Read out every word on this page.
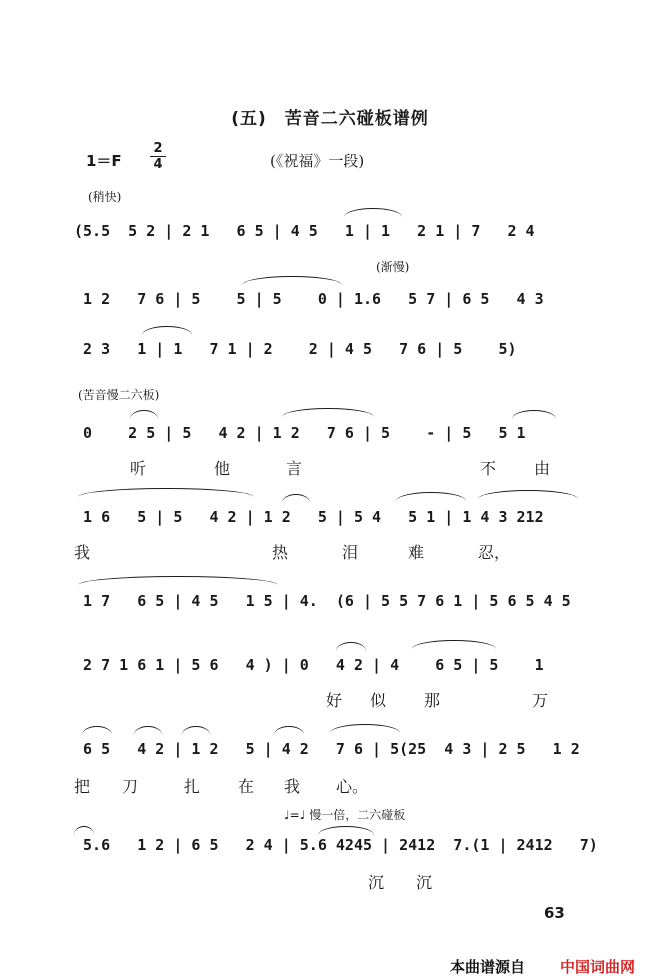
(五)　苦音二六碰板谱例
1＝F
2
4	(《祝福》一段)
(稍快)
(5.5  5 2 | 2 1   6 5 | 4 5   1 | 1   2 1 | 7   2 4
(渐慢)
1 2   7 6 | 5    5 | 5    0 | 1.6   5 7 | 6 5   4 3
2 3   1 | 1   7 1 | 2    2 | 4 5   7 6 | 5    5)
(苦音慢二六板)
0    2 5 | 5   4 2 | 1 2   7 6 | 5    - | 5   5 1
听	他	言	不 由
1 6   5 | 5   4 2 | 1 2   5 | 5 4   5 1 | 1 4 3 212
我	热	泪	难	忍，
1 7   6 5 | 4 5   1 5 | 4.  (6 | 5 5 7 6 1 | 5 6 5 4 5
2 7 1 6 1 | 5 6   4 ) | 0   4 2 | 4    6 5 | 5    1
好 似 那	万
6 5   4 2 | 1 2   5 | 4 2   7 6 | 5(25  4 3 | 2 5   1 2
把 刀	扎 在 我 心。
♩=♩ 慢一倍，二六碰板
5.6   1 2 | 6 5   2 4 | 5.6 4245 | 2412  7.(1 | 2412   7)
沉 沉
63
本曲谱源自 中国词曲网
